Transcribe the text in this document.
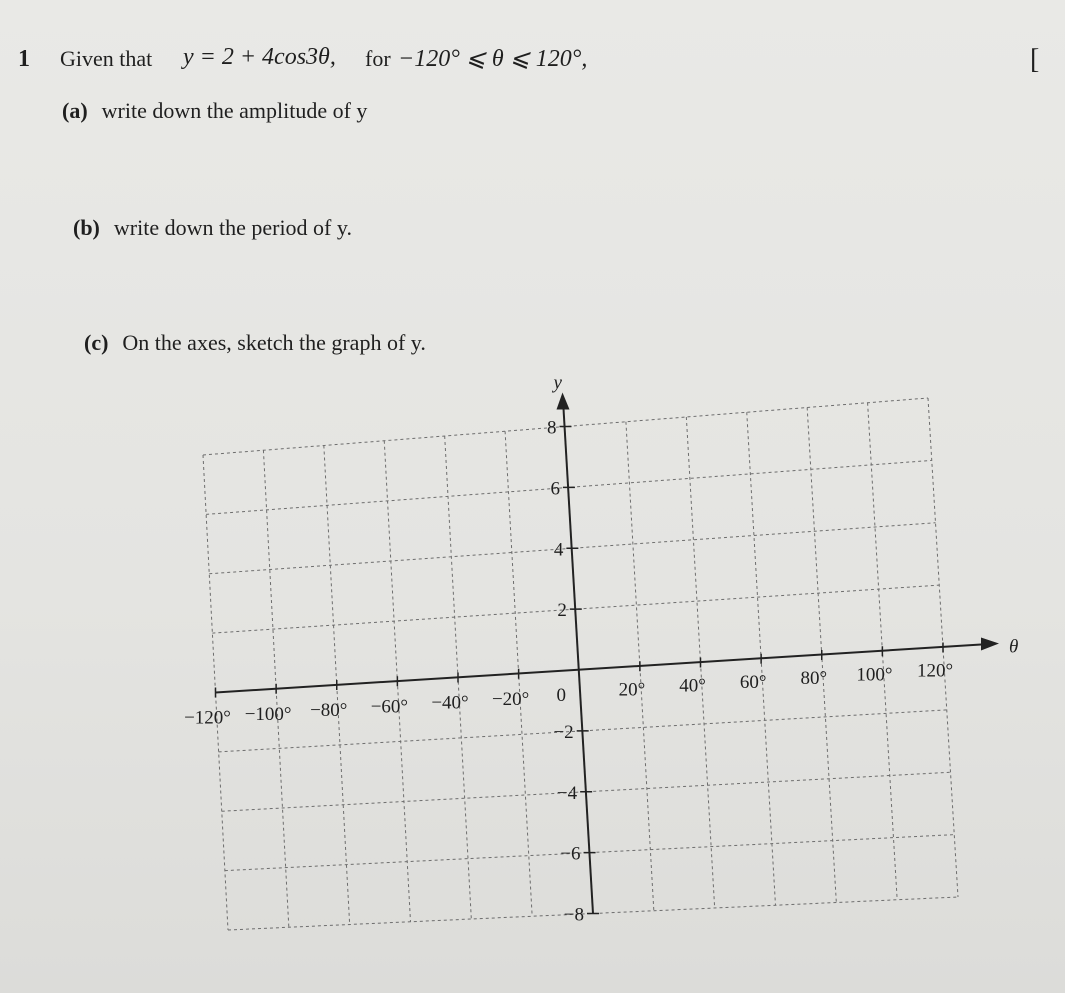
1 Given that y = 2 + 4cos3θ, for −120° ⩽ θ ⩽ 120°,	[
(a) write down the amplitude of y
(b) write down the period of y.
(c) On the axes, sketch the graph of y.
θ
y
2
4
6
8
−2
−4
−6
−8
−120° −100° −80° −60° −40° −20°	20° 40° 60° 80° 100° 120°
0
